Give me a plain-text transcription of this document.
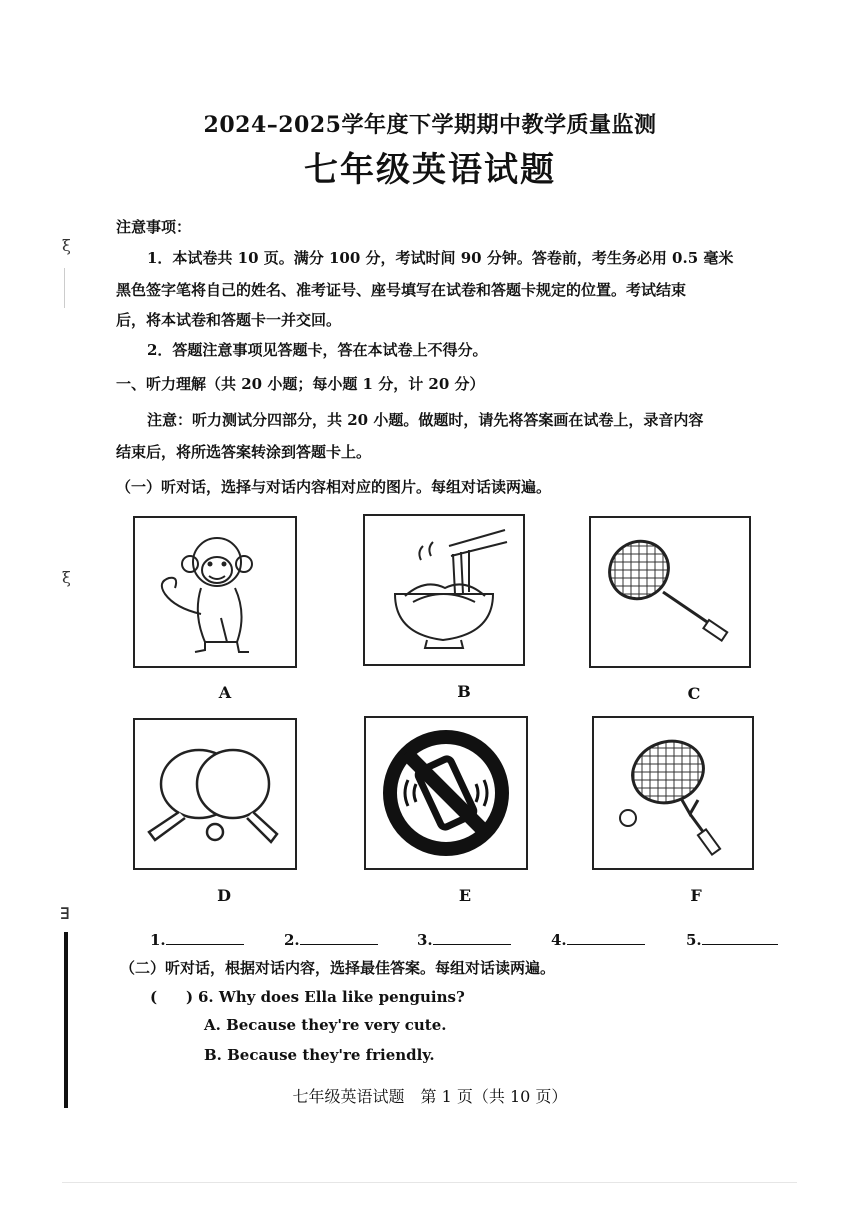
2024–2025学年度下学期期中教学质量监测
七年级英语试题
ξ
ξ
∃
注意事项：
1．本试卷共 10 页。满分 100 分，考试时间 90 分钟。答卷前，考生务必用 0.5 毫米
黑色签字笔将自己的姓名、准考证号、座号填写在试卷和答题卡规定的位置。考试结束
后，将本试卷和答题卡一并交回。
2．答题注意事项见答题卡，答在本试卷上不得分。
一、听力理解（共 20 小题；每小题 1 分，计 20 分）
注意：听力测试分四部分，共 20 小题。做题时，请先将答案画在试卷上，录音内容
结束后，将所选答案转涂到答题卡上。
（一）听对话，选择与对话内容相对应的图片。每组对话读两遍。
A	B	C
D	E	F
1.	2.	3.	4.	5.
（二）听对话，根据对话内容，选择最佳答案。每组对话读两遍。
( ) 6. Why does Ella like penguins?
A. Because they're very cute.
B. Because they're friendly.
七年级英语试题　第 1 页（共 10 页）
